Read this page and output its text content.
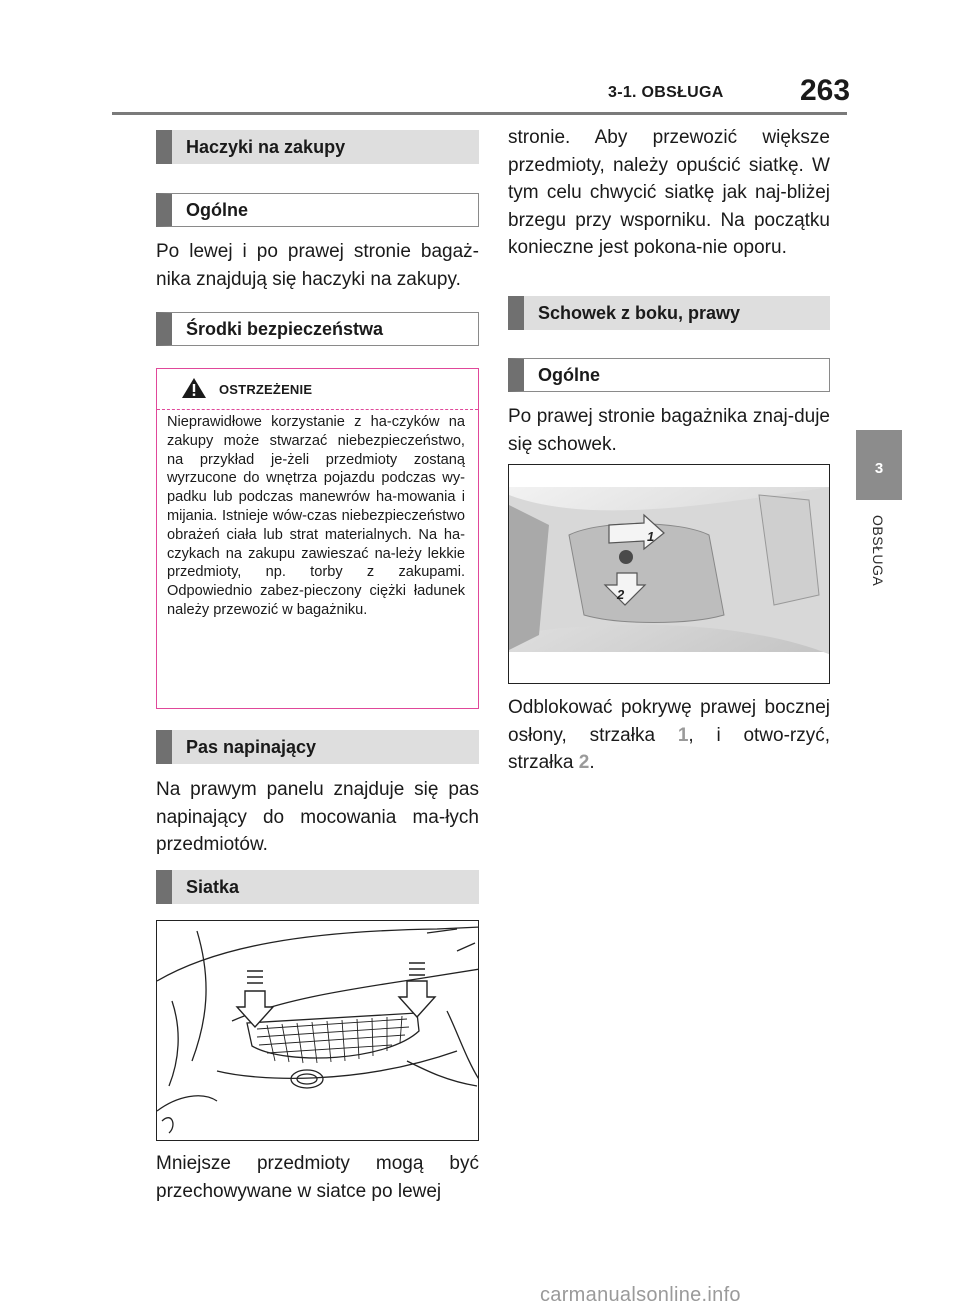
3-1. OBSŁUGA	263
3
OBSŁUGA
Haczyki na zakupy
Ogólne
Po lewej i po prawej stronie bagaż-nika znajdują się haczyki na zakupy.
Środki bezpieczeństwa
OSTRZEŻENIE
Nieprawidłowe korzystanie z ha-czyków na zakupy może stwarzać niebezpieczeństwo, na przykład je-żeli przedmioty zostaną wyrzucone do wnętrza pojazdu podczas wy-padku lub podczas manewrów ha-mowania i mijania. Istnieje wów-czas niebezpieczeństwo obrażeń ciała lub strat materialnych. Na ha-czykach na zakupu zawieszać na-leży lekkie przedmioty, np. torby z zakupami. Odpowiednio zabez-pieczony ciężki ładunek należy przewozić w bagażniku.
Pas napinający
Na prawym panelu znajduje się pas napinający do mocowania ma-łych przedmiotów.
Siatka
Mniejsze przedmioty mogą być przechowywane w siatce po lewej
stronie. Aby przewozić większe przedmioty, należy opuścić siatkę. W tym celu chwycić siatkę jak naj-bliżej brzegu przy wsporniku. Na początku konieczne jest pokona-nie oporu.
Schowek z boku, prawy
Ogólne
Po prawej stronie bagażnika znaj-duje się schowek.
1
2
Odblokować pokrywę prawej bocznej osłony, strzałka 1, i otwo-rzyć, strzałka 2.
carmanualsonline.info
